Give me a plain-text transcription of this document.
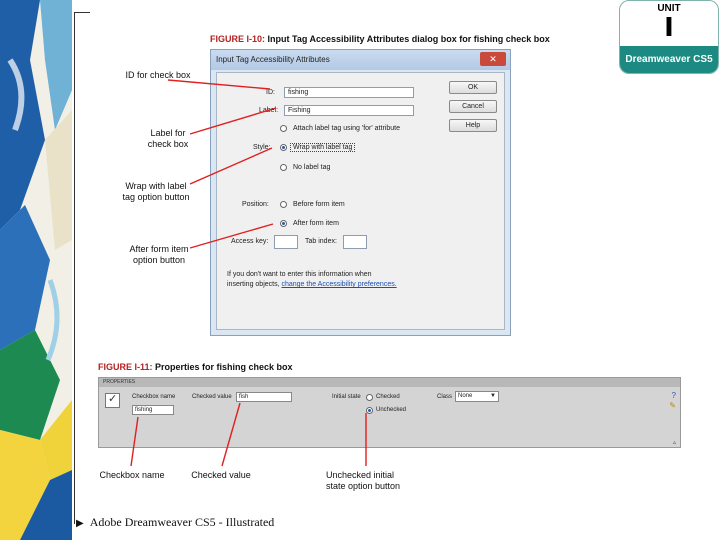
UNIT
I
Dreamweaver CS5
FIGURE I-10: Input Tag Accessibility Attributes dialog box for fishing check box
Input Tag Accessibility Attributes	✕
ID:	fishing
Label:	Fishing
Attach label tag using 'for' attribute
Style:	Wrap with label tag
No label tag
Position:	Before form item
After form item
Access key:	Tab index:
If you don't want to enter this information when
inserting objects, change the Accessibility preferences.
OK
Cancel
Help
ID for check box
Label for
check box
Wrap with label
tag option button
After form item
option button
FIGURE I-11: Properties for fishing check box
PROPERTIES
✓
Checkbox name
fishing
Checked value	fish	Initial state	Checked
Unchecked
Class None	▼	?
✎
▵
Checkbox name	Checked value	Unchecked initial
state option button
▶ Adobe Dreamweaver CS5 - Illustrated
